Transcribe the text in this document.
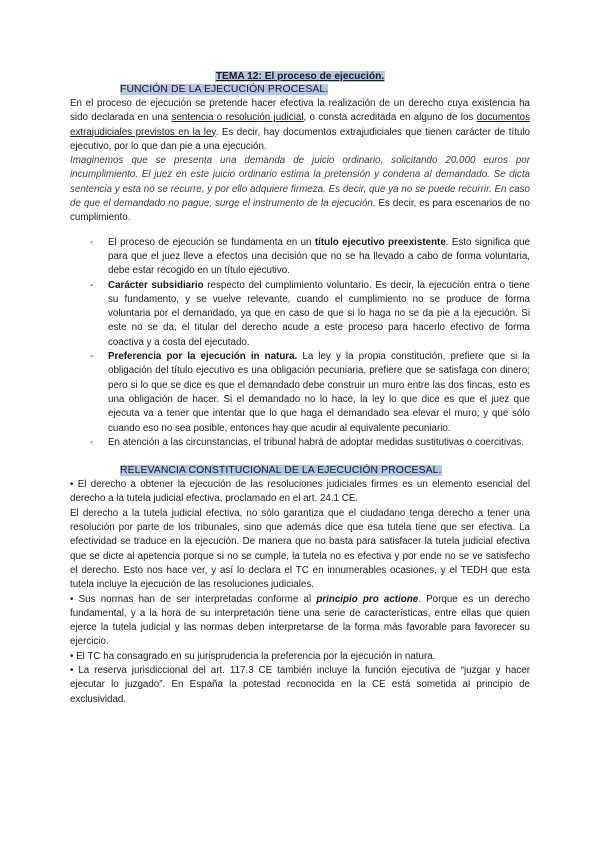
TEMA 12: El proceso de ejecución.
FUNCIÓN DE LA EJECUCIÓN PROCESAL.

En el proceso de ejecución se pretende hacer efectiva la realización de un derecho cuya existencia ha sido declarada en una sentencia o resolución judicial, o consta acreditada en alguno de los documentos extrajudiciales previstos en la ley. Es decir, hay documentos extrajudiciales que tienen carácter de título ejecutivo, por lo que dan pie a una ejecución.

Imaginemos que se presenta una demanda de juicio ordinario, solicitando 20.000 euros por incumplimiento. El juez en este juicio ordinario estima la pretensión y condena al demandado. Se dicta sentencia y esta no se recurre, y por ello adquiere firmeza. Es decir, que ya no se puede recurrir. En caso de que el demandado no pague, surge el instrumento de la ejecución. Es decir, es para escenarios de no cumplimiento.

- El proceso de ejecución se fundamenta en un título ejecutivo preexistente. Esto significa que para que el juez lleve a efectos una decisión que no se ha llevado a cabo de forma voluntaria, debe estar recogido en un título ejecutivo.
- Carácter subsidiario respecto del cumplimiento voluntario. Es decir, la ejecución entra o tiene su fundamento, y se vuelve relevante, cuando el cumplimiento no se produce de forma voluntaria por el demandado, ya que en caso de que si lo haga no se da pie a la ejecución. Si este no se da, el titular del derecho acude a este proceso para hacerlo efectivo de forma coactiva y a costa del ejecutado.
- Preferencia por la ejecución in natura. La ley y la propia constitución, prefiere que si la obligación del título ejecutivo es una obligación pecuniaria, prefiere que se satisfaga con dinero; pero si lo que se dice es que el demandado debe construir un muro entre las dos fincas, esto es una obligación de hacer. Si el demandado no lo hace, la ley lo que dice es que el juez que ejecuta va a tener que intentar que lo que haga el demandado sea elevar el muro; y que sólo cuando eso no sea posible, entonces hay que acudir al equivalente pecuniario.
- En atención a las circunstancias, el tribunal habrá de adoptar medidas sustitutivas o coercitivas.
RELEVANCIA CONSTITUCIONAL DE LA EJECUCIÓN PROCESAL.

• El derecho a obtener la ejecución de las resoluciones judiciales firmes es un elemento esencial del derecho a la tutela judicial efectiva, proclamado en el art. 24.1 CE.

El derecho a la tutela judicial efectiva, no sólo garantiza que el ciudadano tenga derecho a tener una resolución por parte de los tribunales, sino que además dice que esa tutela tiene que ser efectiva. La efectividad se traduce en la ejecución. De manera que no basta para satisfacer la tutela judicial efectiva que se dicte al apetencia porque si no se cumple, la tutela no es efectiva y por ende no se ve satisfecho el derecho. Esto nos hace ver, y así lo declara el TC en innumerables ocasiones, y el TEDH que esta tutela incluye la ejecución de las resoluciones judiciales.

• Sus normas han de ser interpretadas conforme al principio pro actione. Porque es un derecho fundamental, y a la hora de su interpretación tiene una serie de características, entre ellas que quien ejerce la tutela judicial y las normas deben interpretarse de la forma más favorable para favorecer su ejercicio.

• El TC ha consagrado en su jurisprudencia la preferencia por la ejecución in natura.

• La reserva jurisdiccional del art. 117.3 CE también incluye la función ejecutiva de “juzgar y hacer ejecutar lo juzgado”. En España la potestad reconocida en la CE está sometida al principio de exclusividad.
